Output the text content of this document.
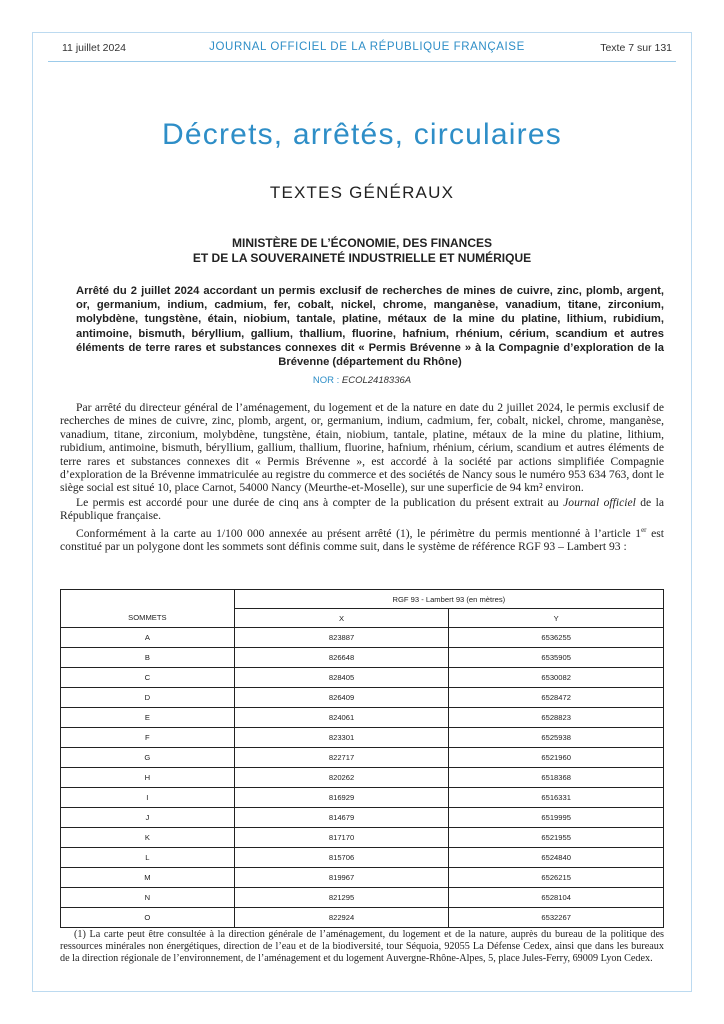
11 juillet 2024	JOURNAL OFFICIEL DE LA RÉPUBLIQUE FRANÇAISE	Texte 7 sur 131
Décrets, arrêtés, circulaires
TEXTES GÉNÉRAUX
MINISTÈRE DE L’ÉCONOMIE, DES FINANCES
ET DE LA SOUVERAINETÉ INDUSTRIELLE ET NUMÉRIQUE
Arrêté du 2 juillet 2024 accordant un permis exclusif de recherches de mines de cuivre, zinc, plomb, argent, or, germanium, indium, cadmium, fer, cobalt, nickel, chrome, manganèse, vanadium, titane, zirconium, molybdène, tungstène, étain, niobium, tantale, platine, métaux de la mine du platine, lithium, rubidium, antimoine, bismuth, béryllium, gallium, thallium, fluorine, hafnium, rhénium, cérium, scandium et autres éléments de terre rares et substances connexes dit « Permis Brévenne » à la Compagnie d’exploration de la Brévenne (département du Rhône)
NOR : ECOL2418336A

Par arrêté du directeur général de l’aménagement, du logement et de la nature en date du 2 juillet 2024, le permis exclusif de recherches de mines de cuivre, zinc, plomb, argent, or, germanium, indium, cadmium, fer, cobalt, nickel, chrome, manganèse, vanadium, titane, zirconium, molybdène, tungstène, étain, niobium, tantale, platine, métaux de la mine du platine, lithium, rubidium, antimoine, bismuth, béryllium, gallium, thallium, fluorine, hafnium, rhénium, cérium, scandium et autres éléments de terre rares et substances connexes dit « Permis Brévenne », est accordé à la société par actions simplifiée Compagnie d’exploration de la Brévenne immatriculée au registre du commerce et des sociétés de Nancy sous le numéro 953 634 763, dont le siège social est situé 10, place Carnot, 54000 Nancy (Meurthe-et-Moselle), sur une superficie de 94 km² environ.

Le permis est accordé pour une durée de cinq ans à compter de la publication du présent extrait au Journal officiel de la République française.

Conformément à la carte au 1/100 000 annexée au présent arrêté (1), le périmètre du permis mentionné à l’article 1er est constitué par un polygone dont les sommets sont définis comme suit, dans le système de référence RGF 93 – Lambert 93 :

	RGF 93 - Lambert 93 (en mètres)	
SOMMETS	X	Y
A	823887	6536255
B	826648	6535905
C	828405	6530082
D	826409	6528472
E	824061	6528823
F	823301	6525938
G	822717	6521960
H	820262	6518368
I	816929	6516331
J	814679	6519995
K	817170	6521955
L	815706	6524840
M	819967	6526215
N	821295	6528104
O	822924	6532267

(1) La carte peut être consultée à la direction générale de l’aménagement, du logement et de la nature, auprès du bureau de la politique des ressources minérales non énergétiques, direction de l’eau et de la biodiversité, tour Séquoia, 92055 La Défense Cedex, ainsi que dans les bureaux de la direction régionale de l’environnement, de l’aménagement et du logement Auvergne-Rhône-Alpes, 5, place Jules-Ferry, 69009 Lyon Cedex.
